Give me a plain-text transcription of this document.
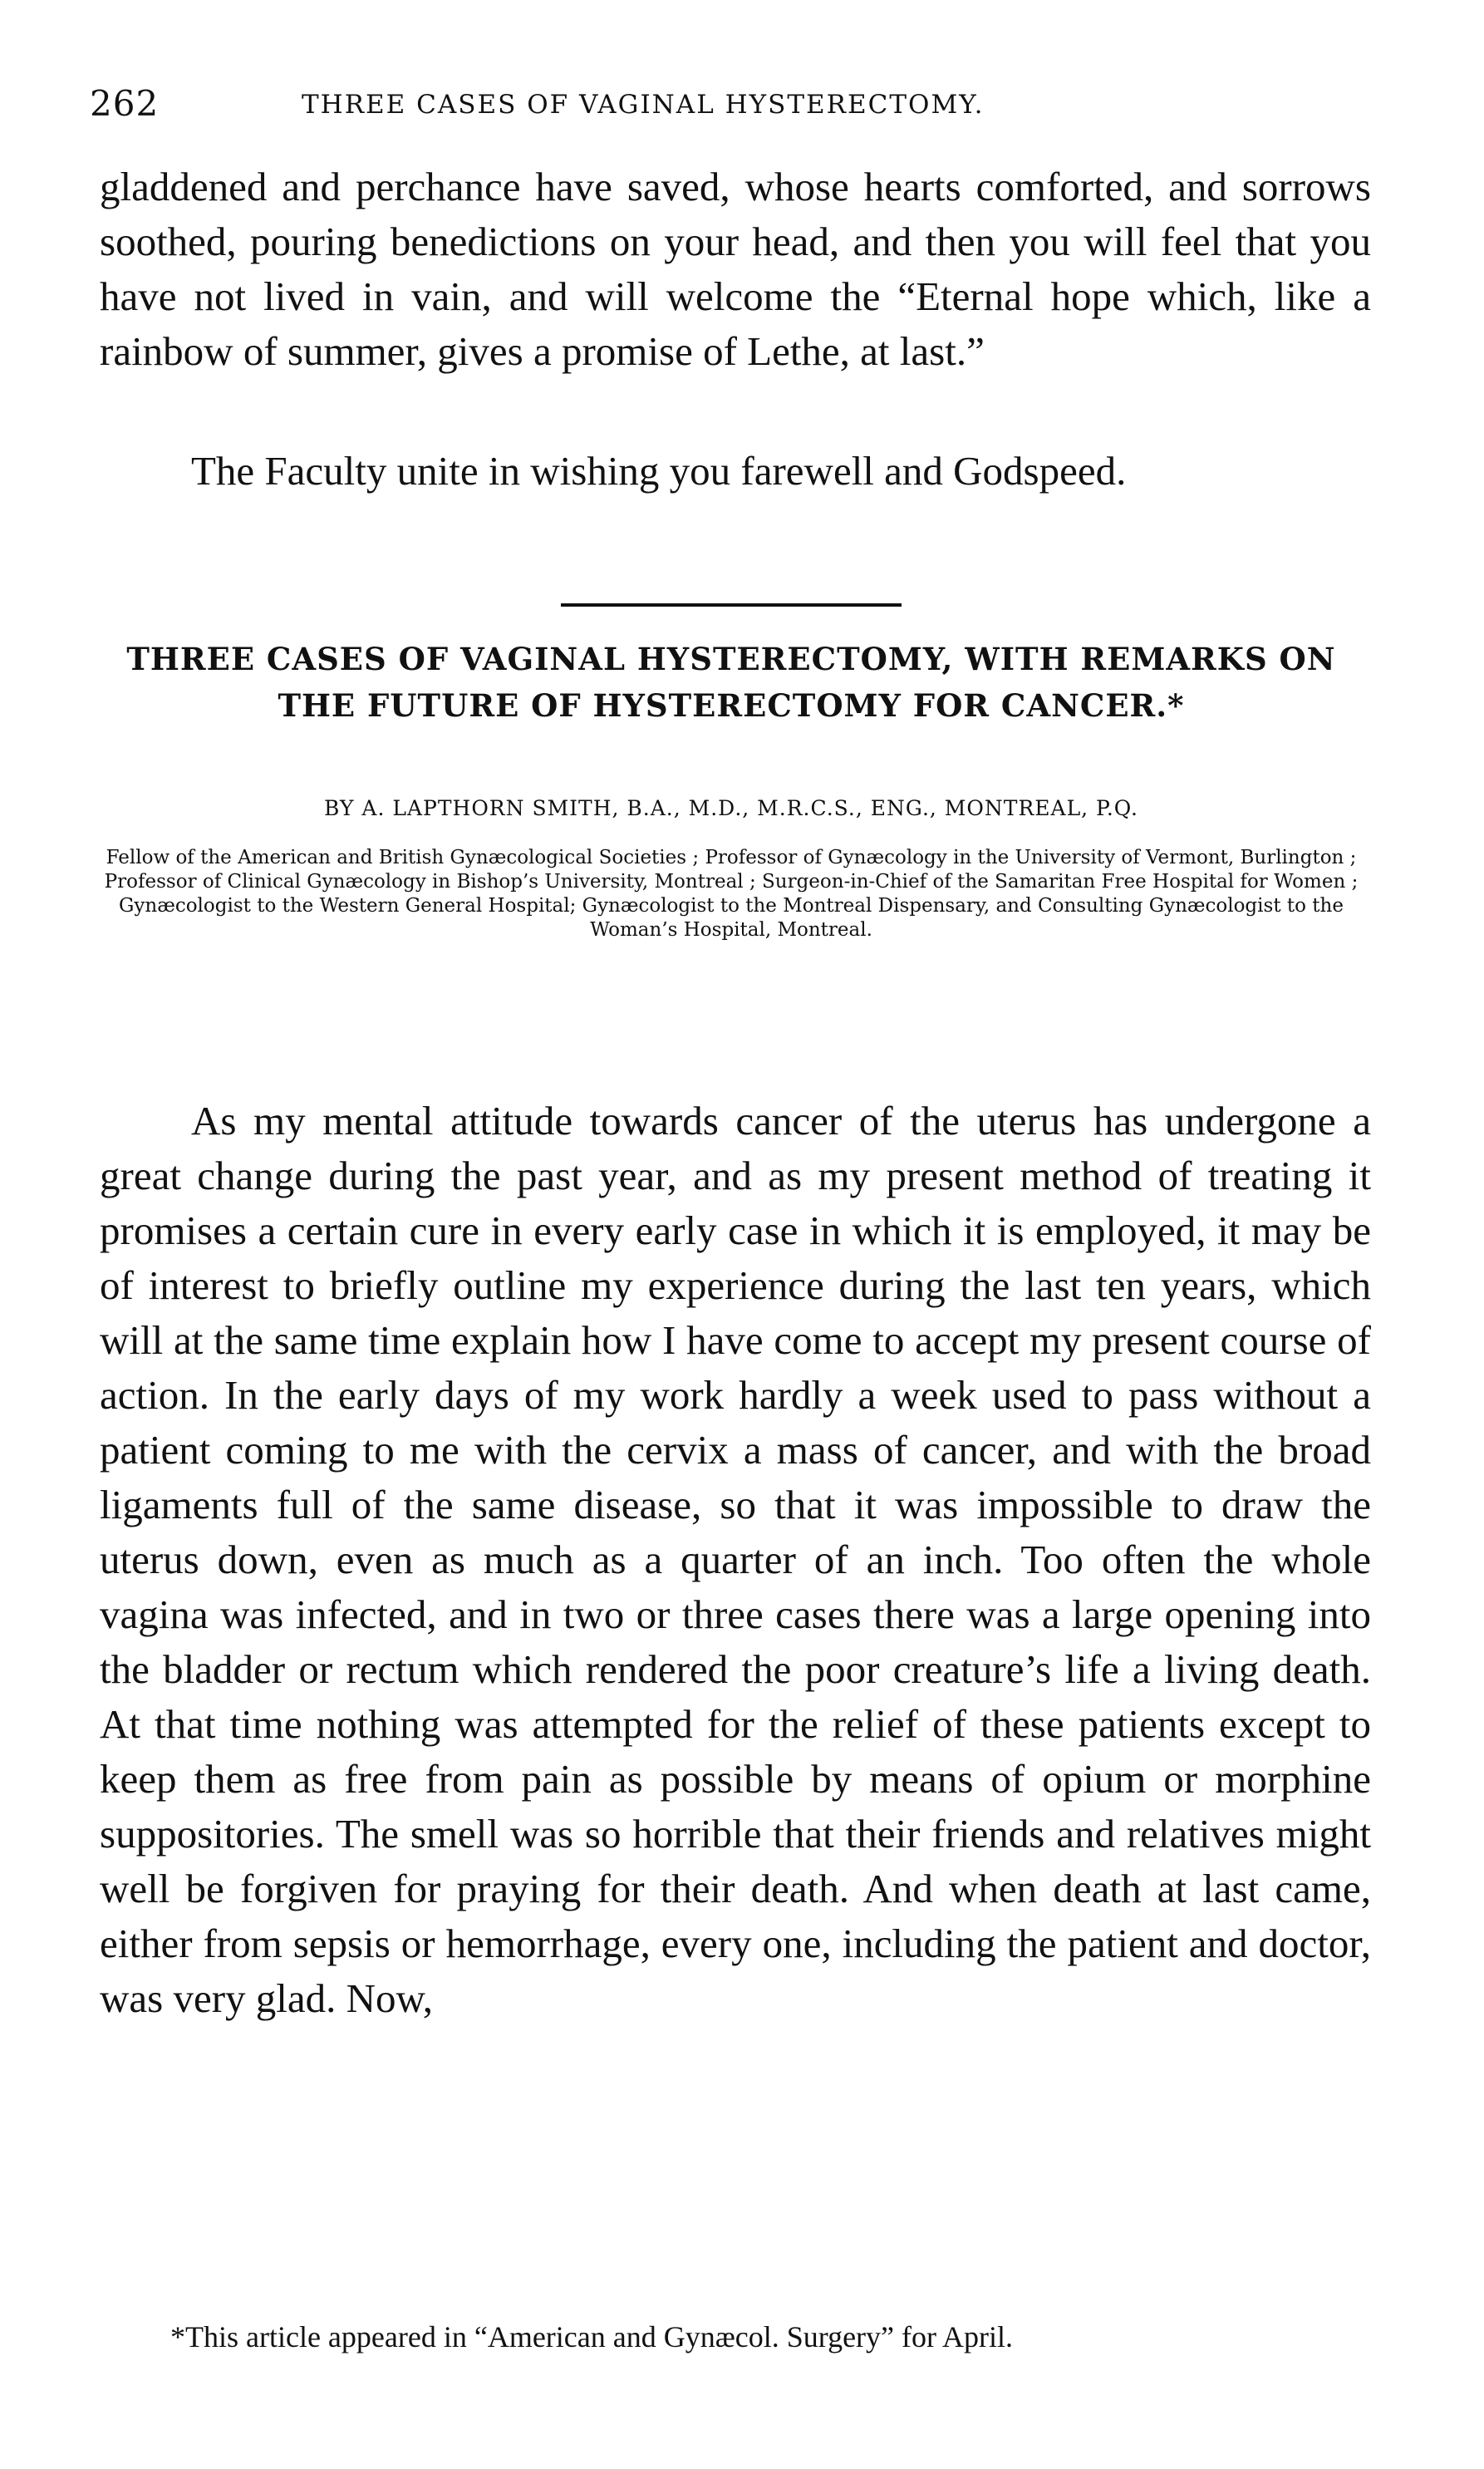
262	THREE CASES OF VAGINAL HYSTERECTOMY.

gladdened and perchance have saved, whose hearts comforted, and sorrows soothed, pouring benedictions on your head, and then you will feel that you have not lived in vain, and will welcome the “Eternal hope which, like a rainbow of summer, gives a promise of Lethe, at last.”

The Faculty unite in wishing you farewell and Godspeed.

THREE CASES OF VAGINAL HYSTERECTOMY, WITH REMARKS ON THE FUTURE OF HYSTERECTOMY FOR CANCER.*
BY A. LAPTHORN SMITH, B.A., M.D., M.R.C.S., ENG., MONTREAL, P.Q.
Fellow of the American and British Gynæcological Societies ; Professor of Gynæcology in the University of Vermont, Burlington ; Professor of Clinical Gynæcology in Bishop’s University, Montreal ; Surgeon-in-Chief of the Samaritan Free Hospital for Women ; Gynæcologist to the Western General Hospital; Gynæcologist to the Montreal Dispensary, and Consulting Gynæcologist to the Woman’s Hospital, Montreal.

As my mental attitude towards cancer of the uterus has undergone a great change during the past year, and as my present method of treating it promises a certain cure in every early case in which it is employed, it may be of interest to briefly outline my experience during the last ten years, which will at the same time explain how I have come to accept my present course of action. In the early days of my work hardly a week used to pass without a patient coming to me with the cervix a mass of cancer, and with the broad ligaments full of the same disease, so that it was impossible to draw the uterus down, even as much as a quarter of an inch. Too often the whole vagina was infected, and in two or three cases there was a large opening into the bladder or rectum which rendered the poor creature’s life a living death. At that time nothing was attempted for the relief of these patients except to keep them as free from pain as possible by means of opium or morphine suppositories. The smell was so horrible that their friends and relatives might well be forgiven for praying for their death. And when death at last came, either from sepsis or hemorrhage, every one, including the patient and doctor, was very glad. Now,

*This article appeared in “American and Gynæcol. Surgery” for April.
